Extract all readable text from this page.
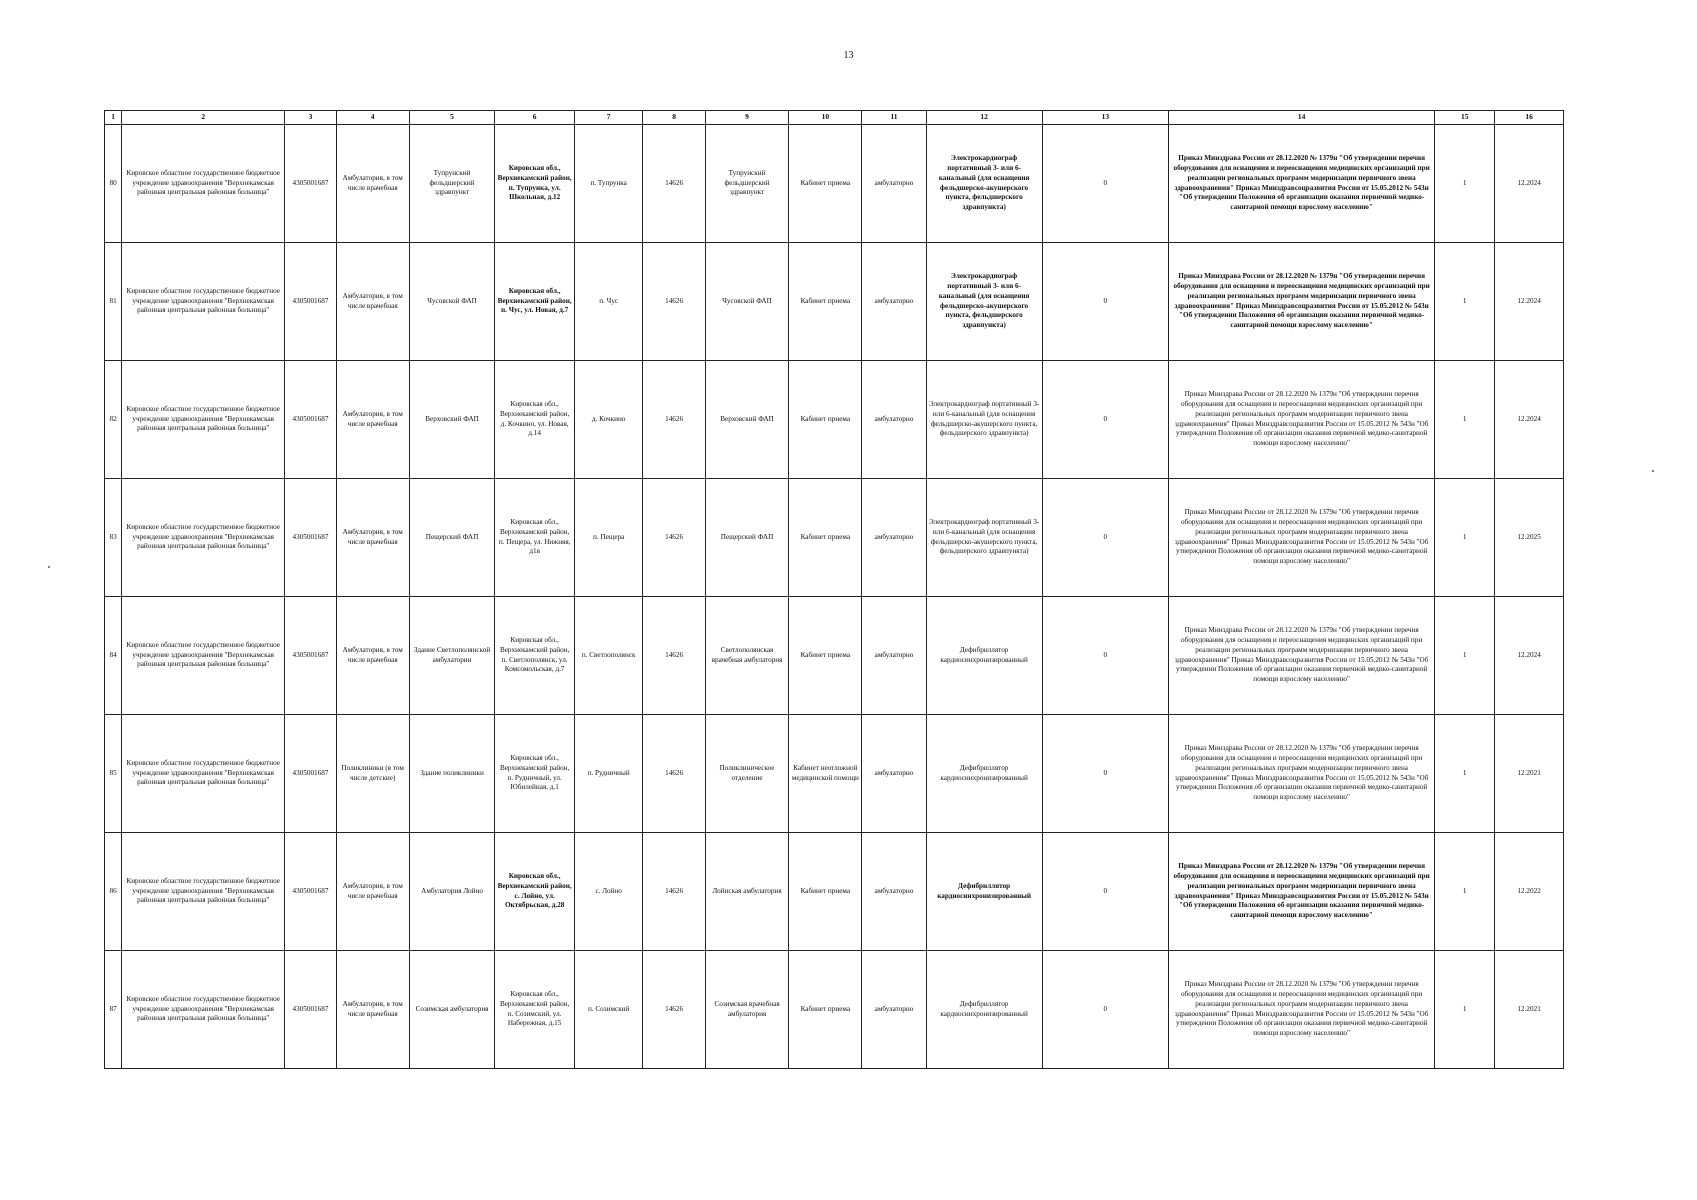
13
1	2	3	4	5	6	7	8	9	10	11	12	13	14	15	16
80	Кировское областное государственное бюджетное учреждение здравоохранения "Верхнекамская районная центральная районная больница"	4305001687	Амбулатория, в том числе врачебная	Тупрунский фельдшерский здравпункт	Кировская обл., Верхнекамский район, п. Тупрунка, ул. Школьная, д.12	п. Тупрунка	14626	Тупрунский фельдшерский здравпункт	Кабинет приема	амбулаторно	Электрокардиограф портативный 3- или 6-канальный (для оснащения фельдшерско-акушерского пункта, фельдшерского здравпункта)	0	Приказ Минздрава России от 28.12.2020 № 1379н "Об утверждении перечня оборудования для оснащения и переоснащения медицинских организаций при реализации региональных программ модернизации первичного звена здравоохранения" Приказ Минздравсоцразвития России от 15.05.2012 № 543н "Об утверждении Положения об организации оказания первичной медико-санитарной помощи взрослому населению"	1	12.2024
81	Кировское областное государственное бюджетное учреждение здравоохранения "Верхнекамская районная центральная районная больница"	4305001687	Амбулатория, в том числе врачебная	Чусовской ФАП	Кировская обл., Верхнекамский район, п. Чус, ул. Новая, д.7	п. Чус	14626	Чусовской ФАП	Кабинет приема	амбулаторно	Электрокардиограф портативный 3- или 6-канальный (для оснащения фельдшерско-акушерского пункта, фельдшерского здравпункта)	0	Приказ Минздрава России от 28.12.2020 № 1379н "Об утверждении перечня оборудования для оснащения и переоснащения медицинских организаций при реализации региональных программ модернизации первичного звена здравоохранения" Приказ Минздравсоцразвития России от 15.05.2012 № 543н "Об утверждении Положения об организации оказания первичной медико-санитарной помощи взрослому населению"	1	12.2024
82	Кировское областное государственное бюджетное учреждение здравоохранения "Верхнекамская районная центральная районная больница"	4305001687	Амбулатория, в том числе врачебная	Верховский ФАП	Кировская обл., Верхнекамский район, д. Кочкино, ул. Новая, д.14	д. Кочкино	14626	Верховский ФАП	Кабинет приема	амбулаторно	Электрокардиограф портативный 3- или 6-канальный (для оснащения фельдшерско-акушерского пункта, фельдшерского здравпункта)	0	Приказ Минздрава России от 28.12.2020 № 1379н "Об утверждении перечня оборудования для оснащения и переоснащения медицинских организаций при реализации региональных программ модернизации первичного звена здравоохранения" Приказ Минздравсоцразвития России от 15.05.2012 № 543н "Об утверждении Положения об организации оказания первичной медико-санитарной помощи взрослому населению"	1	12.2024
83	Кировское областное государственное бюджетное учреждение здравоохранения "Верхнекамская районная центральная районная больница"	4305001687	Амбулатория, в том числе врачебная	Пещерский ФАП	Кировская обл., Верхнекамский район, п. Пещера, ул. Нижняя, д1в	п. Пещера	14626	Пещерский ФАП	Кабинет приема	амбулаторно	Электрокардиограф портативный 3- или 6-канальный (для оснащения фельдшерско-акушерского пункта, фельдшерского здравпункта)	0	Приказ Минздрава России от 28.12.2020 № 1379н "Об утверждении перечня оборудования для оснащения и переоснащения медицинских организаций при реализации региональных программ модернизации первичного звена здравоохранения" Приказ Минздравсоцразвития России от 15.05.2012 № 543н "Об утверждении Положения об организации оказания первичной медико-санитарной помощи взрослому населению"	1	12.2025
84	Кировское областное государственное бюджетное учреждение здравоохранения "Верхнекамская районная центральная районная больница"	4305001687	Амбулатория, в том числе врачебная	Здание Светлополянской амбулатории	Кировская обл., Верхнекамский район, п. Светлополянск, ул. Комсомольская, д.7	п. Светлополянск	14626	Светлополянская врачебная амбулатория	Кабинет приема	амбулаторно	Дефибриллятор кардиосинхронизированный	0	Приказ Минздрава России от 28.12.2020 № 1379н "Об утверждении перечня оборудования для оснащения и переоснащения медицинских организаций при реализации региональных программ модернизации первичного звена здравоохранения" Приказ Минздравсоцразвития России от 15.05.2012 № 543н "Об утверждении Положения об организации оказания первичной медико-санитарной помощи взрослому населению"	1	12.2024
85	Кировское областное государственное бюджетное учреждение здравоохранения "Верхнекамская районная центральная районная больница"	4305001687	Поликлиники (в том числе детские)	Здание поликлиники	Кировская обл., Верхнекамский район, п. Рудничный, ул. Юбилейная, д.1	п. Рудничный	14626	Поликлиническое отделение	Кабинет неотложной медицинской помощи	амбулаторно	Дефибриллятор кардиосинхронизированный	0	Приказ Минздрава России от 28.12.2020 № 1379н "Об утверждении перечня оборудования для оснащения и переоснащения медицинских организаций при реализации региональных программ модернизации первичного звена здравоохранения" Приказ Минздравсоцразвития России от 15.05.2012 № 543н "Об утверждении Положения об организации оказания первичной медико-санитарной помощи взрослому населению"	1	12.2021
86	Кировское областное государственное бюджетное учреждение здравоохранения "Верхнекамская районная центральная районная больница"	4305001687	Амбулатория, в том числе врачебная	Амбулатория Лойно	Кировская обл., Верхнекамский район, с. Лойно, ул. Октябрьская, д.28	с. Лойно	14626	Лойнская амбулатория	Кабинет приема	амбулаторно	Дефибриллятор кардиосинхронизированный	0	Приказ Минздрава России от 28.12.2020 № 1379н "Об утверждении перечня оборудования для оснащения и переоснащения медицинских организаций при реализации региональных программ модернизации первичного звена здравоохранения" Приказ Минздравсоцразвития России от 15.05.2012 № 543н "Об утверждении Положения об организации оказания первичной медико-санитарной помощи взрослому населению"	1	12.2022
87	Кировское областное государственное бюджетное учреждение здравоохранения "Верхнекамская районная центральная районная больница"	4305001687	Амбулатория, в том числе врачебная	Созимская амбулатория	Кировская обл., Верхнекамский район, п. Созимский, ул. Набережная, д.15	п. Созимский	14626	Созимская врачебная амбулатория	Кабинет приема	амбулаторно	Дефибриллятор кардиосинхронизированный	0	Приказ Минздрава России от 28.12.2020 № 1379н "Об утверждении перечня оборудования для оснащения и переоснащения медицинских организаций при реализации региональных программ модернизации первичного звена здравоохранения" Приказ Минздравсоцразвития России от 15.05.2012 № 543н "Об утверждении Положения об организации оказания первичной медико-санитарной помощи взрослому населению"	1	12.2021
